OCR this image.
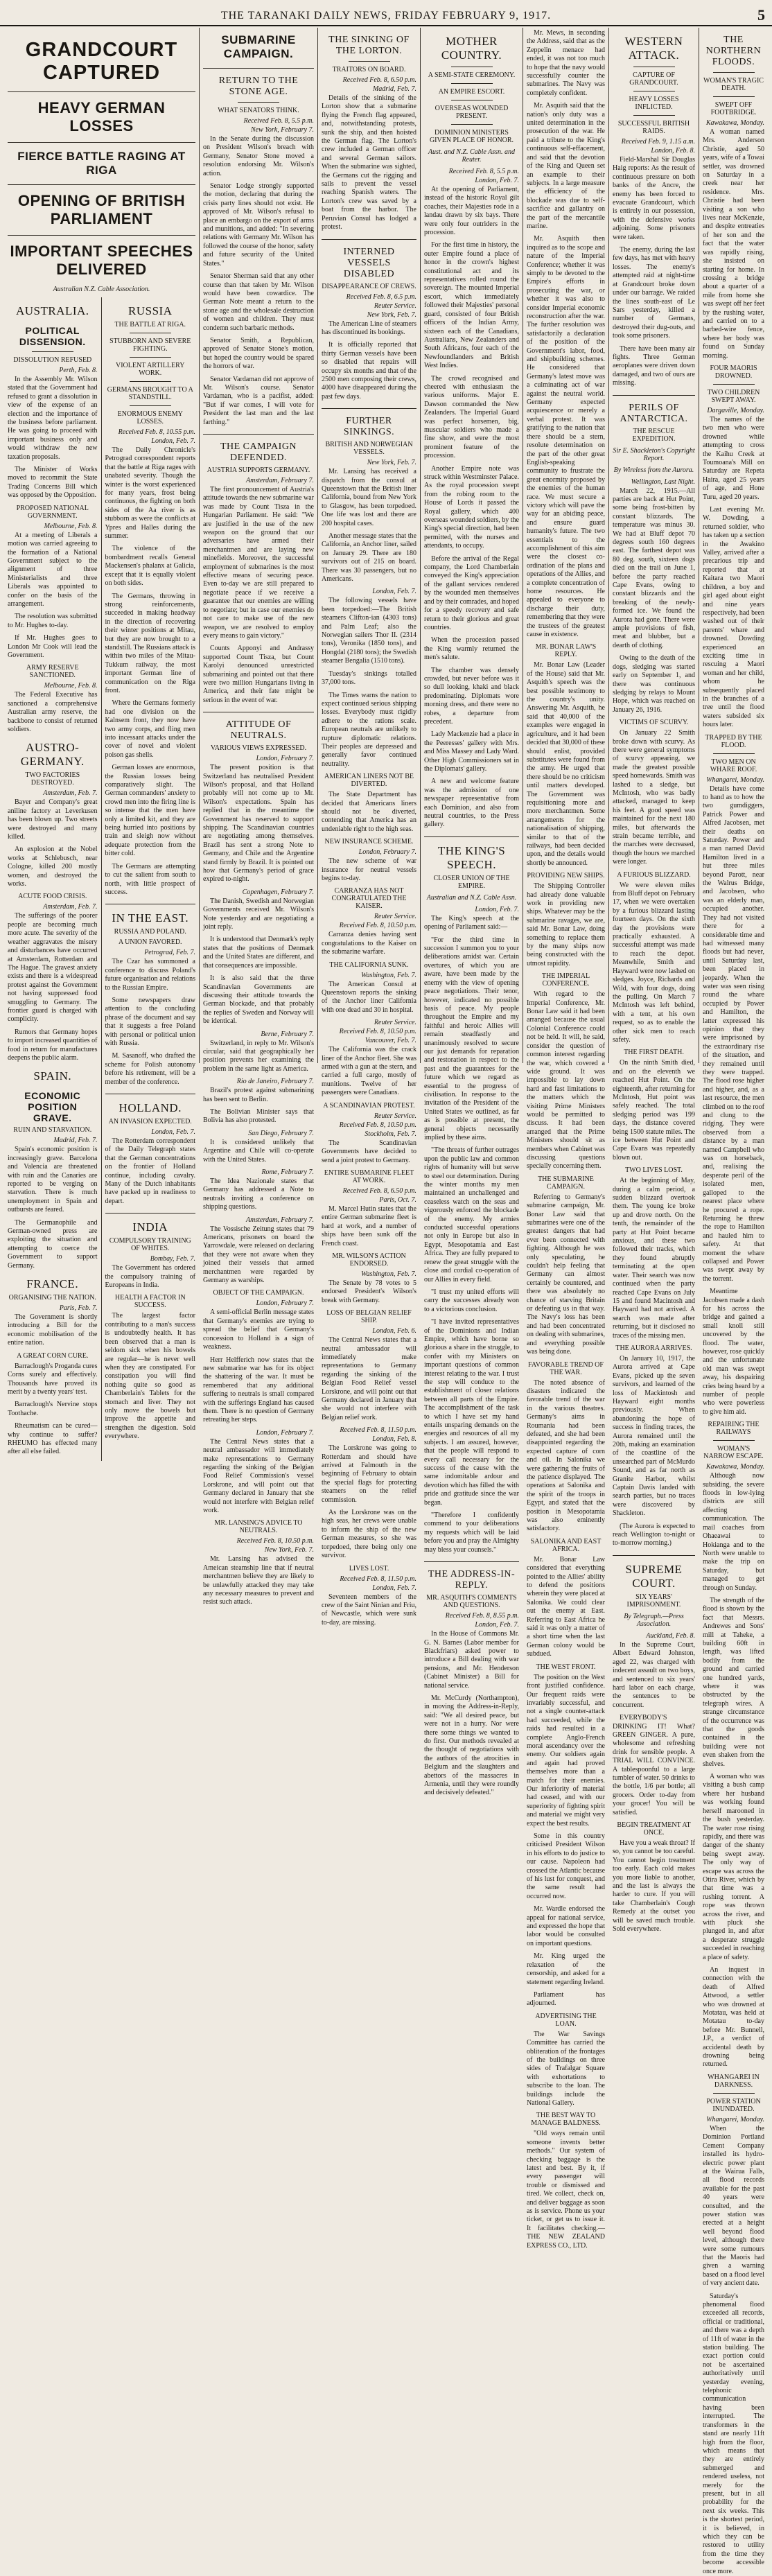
THE TARANAKI DAILY NEWS, FRIDAY FEBRUARY 9, 1917.	5
GRANDCOURT CAPTURED
HEAVY GERMAN LOSSES
FIERCE BATTLE RAGING AT RIGA
OPENING OF BRITISH PARLIAMENT
IMPORTANT SPEECHES DELIVERED
Australian N.Z. Cable Association.
AUSTRALIA.
POLITICAL DISSENSION.
DISSOLUTION REFUSED
Perth, Feb. 8.

In the Assembly Mr. Wilson stated that the Government had refused to grant a dissolution in view of the expense of an election and the importance of the business before parliament. He was going to proceed with important business only and would withdraw the new taxation proposals.

The Minister of Works moved to recommit the State Trading Concerns Bill which was opposed by the Opposition.

PROPOSED NATIONAL GOVERNMENT.
Melbourne, Feb. 8.

At a meeting of Liberals a motion was carried agreeing to the formation of a National Government subject to the alignment of three Ministerialists and three Liberals was appointed to confer on the basis of the arrangement.

The resolution was submitted to Mr. Hughes to-day.

If Mr. Hughes goes to London Mr Cook will lead the Government.

ARMY RESERVE SANCTIONED.
Melbourne, Feb. 8.

The Federal Executive has sanctioned a comprehensive Australian army reserve, the backbone to consist of returned soldiers.

AUSTRO-GERMANY.
TWO FACTORIES DESTROYED.
Amsterdam, Feb. 7.

Bayer and Company's great aniline factory at Leverkusen has been blown up. Two streets were destroyed and many killed.

An explosion at the Nobel works at Schlebusch, near Cologne, killed 200 mostly women, and destroyed the works.

ACUTE FOOD CRISIS.
Amsterdam, Feb. 7.

The sufferings of the poorer people are becoming much more acute. The severity of the weather aggravates the misery and disturbances have occurred at Amsterdam, Rotterdam and The Hague. The gravest anxiety exists and there is a widespread protest against the Government not having suppressed food smuggling to Germany. The frontier guard is charged with complicity.

Rumors that Germany hopes to import increased quantities of food in return for manufactures deepens the public alarm.

SPAIN.
ECONOMIC POSITION GRAVE.
RUIN AND STARVATION.
Madrid, Feb. 7.

Spain's economic position is increasingly grave. Barcelona and Valencia are threatened with ruin and the Canaries are reported to be verging on starvation. There is much unemployment in Spain and outbursts are feared.

The Germanophile and German-owned press are exploiting the situation and attempting to coerce the Government to support Germany.

FRANCE.
ORGANISING THE NATION.
Paris, Feb. 7.

The Government is shortly introducing a Bill for the economic mobilisation of the entire nation.

A GREAT CORN CURE.

Barraclough's Proganda cures Corns surely and effectively. Thousands have proved its merit by a twenty years' test.

Barraclough's Nervine stops Toothache.

Rheumatism can be cured—why continue to suffer? RHEUMO has effected many after all else failed.

RUSSIA
THE BATTLE AT RIGA.
STUBBORN AND SEVERE FIGHTING.
VIOLENT ARTILLERY WORK.
GERMANS BROUGHT TO A STANDSTILL.
ENORMOUS ENEMY LOSSES.
Received Feb. 8, 10.55 p.m.
London, Feb. 7.

The Daily Chronicle's Petrograd correspondent reports that the battle at Riga rages with unabated severity. Though the winter is the worst experienced for many years, frost being continuous, the fighting on both sides of the Aa river is as stubborn as were the conflicts at Ypres and Halles during the summer.

The violence of the bombardment recalls General Mackensen's phalanx at Galicia, except that it is equally violent on both sides.

The Germans, throwing in strong reinforcements, succeeded in making headway in the direction of recovering their winter positions at Mitau, but they are now brought to a standstill. The Russians attack is within two miles of the Mitau-Tukkum railway, the most important German line of communication on the Riga front.

Where the Germans formerly had one division on the Kalnsem front, they now have two army corps, and fling men into incessant attacks under the cover of novel and violent poison gas shells.

German losses are enormous, the Russian losses being comparatively slight. The German commanders' anxiety to crowd men into the firing line is so intense that the men have only a limited kit, and they are being hurried into positions by train and sleigh now without adequate protection from the bitter cold.

The Germans are attempting to cut the salient from south to north, with little prospect of success.

IN THE EAST.
RUSSIA AND POLAND.
A UNION FAVORED.
Petrograd, Feb. 7.

The Czar has summoned a conference to discuss Poland's future organisation and relations to the Russian Empire.

Some newspapers draw attention to the concluding phrase of the document and say that it suggests a free Poland with personal or political union with Russia.

M. Sasanoff, who drafted the scheme for Polish autonomy before his retirement, will be a member of the conference.

HOLLAND.
AN INVASION EXPECTED.
London, Feb. 7.

The Rotterdam correspondent of the Daily Telegraph states that the German concentrations on the frontier of Holland continue, including cavalry. Many of the Dutch inhabitants have packed up in readiness to depart.

INDIA
COMPULSORY TRAINING OF WHITES.
Bombay, Feb. 7.

The Government has ordered the compulsory training of Europeans in India.

HEALTH A FACTOR IN SUCCESS.

The largest factor contributing to a man's success is undoubtedly health. It has been observed that a man is seldom sick when his bowels are regular—he is never well when they are constipated. For constipation you will find nothing quite so good as Chamberlain's Tablets for the stomach and liver. They not only move the bowels but improve the appetite and strengthen the digestion. Sold everywhere.

SUBMARINE CAMPAIGN.
RETURN TO THE STONE AGE.
WHAT SENATORS THINK.
Received Feb. 8, 5.5 p.m.
New York, February 7.

In the Senate during the discussion on President Wilson's breach with Germany, Senator Stone moved a resolution endorsing Mr. Wilson's action.

Senator Lodge strongly supported the motion, declaring that during the crisis party lines should not exist. He approved of Mr. Wilson's refusal to place an embargo on the export of arms and munitions, and added: "In severing relations with Germany Mr. Wilson has followed the course of the honor, safety and future security of the United States."

Senator Sherman said that any other course than that taken by Mr. Wilson would have been cowardice. The German Note meant a return to the stone age and the wholesale destruction of women and children. They must condemn such barbaric methods.

Senator Smith, a Republican, approved of Senator Stone's motion, but hoped the country would be spared the horrors of war.

Senator Vardaman did not approve of Mr. Wilson's course. Senator Vardaman, who is a pacifist, added: "But if war comes, I will vote for President the last man and the last farthing."

THE CAMPAIGN DEFENDED.
AUSTRIA SUPPORTS GERMANY.
Amsterdam, February 7.

The first pronouncement of Austria's attitude towards the new submarine war was made by Count Tisza in the Hungarian Parliament. He said: "We are justified in the use of the new weapon on the ground that our adversaries have armed their merchantmen and are laying new minefields. Moreover, the successful employment of submarines is the most effective means of securing peace. Even to-day we are still prepared to negotiate peace if we receive a guarantee that our enemies are willing to negotiate; but in case our enemies do not care to make use of the new weapon, we are resolved to employ every means to gain victory."

Counts Apponyi and Andrassy supported Count Tisza, but Count Karolyi denounced unrestricted submarining and pointed out that there were two million Hungarians living in America, and their fate might be serious in the event of war.

ATTITUDE OF NEUTRALS.
VARIOUS VIEWS EXPRESSED.
London, February 7.

The present position is that Switzerland has neutralised President Wilson's proposal, and that Holland probably will not come up to Mr. Wilson's expectations. Spain has replied that in the meantime the Government has reserved to support shipping. The Scandinavian countries are negotiating among themselves. Brazil has sent a strong Note to Germany, and Chile and the Argentine stand firmly by Brazil. It is pointed out how that Germany's period of grace expired to-night.

Copenhagen, February 7.

The Danish, Swedish and Norwegian Governments received Mr. Wilson's Note yesterday and are negotiating a joint reply.

It is understood that Denmark's reply states that the positions of Denmark and the United States are different, and that consequences are impossible.

It is also said that the three Scandinavian Governments are discussing their attitude towards the German blockade, and that probably the replies of Sweden and Norway will be identical.

Berne, February 7.

Switzerland, in reply to Mr. Wilson's circular, said that geographically her position prevents her examining the problem in the same light as America.

Rio de Janeiro, February 7.

Brazil's protest against submarining has been sent to Berlin.

The Bolivian Minister says that Bolivia has also protested.

San Diego, February 7.

It is considered unlikely that Argentine and Chile will co-operate with the United States.

Rome, February 7.

The Idea Nazionale states that Germany has addressed a Note to neutrals inviting a conference on shipping questions.

Amsterdam, February 7.

The Vossische Zeitung states that 79 Americans, prisoners on board the Yarrowdale, were released on declaring that they were not aware when they joined their vessels that armed merchantmen were regarded by Germany as warships.

OBJECT OF THE CAMPAIGN.
London, February 7.

A semi-official Berlin message states that Germany's enemies are trying to spread the belief that Germany's concession to Holland is a sign of weakness.

Herr Helfferich now states that the new submarine war has for its object the shattering of the war. It must be remembered that any additional suffering to neutrals is small compared with the sufferings England has caused them. There is no question of Germany retreating her steps.

London, February 7.

The Central News states that a neutral ambassador will immediately make representations to Germany regarding the sinking of the Belgian Food Relief Commission's vessel Lorskrone, and will point out that Germany declared in January that she would not interfere with Belgian relief work.

MR. LANSING'S ADVICE TO NEUTRALS.
Received Feb. 8, 10.50 p.m.
New York, Feb. 7.

Mr. Lansing has advised the Ameican steamship line that if neutral merchantmen believe they are likely to be unlawfully attacked they may take any necessary measures to prevent and resist such attack.

THE SINKING OF THE LORTON.
TRAITORS ON BOARD.
Received Feb. 8, 6.50 p.m.
Madrid, Feb. 7.

Details of the sinking of the Lorton show that a submarine flying the French flag appeared, and, notwithstanding protests, sunk the ship, and then hoisted the German flag. The Lorton's crew included a German officer and several German sailors. When the submarine was sighted, the Germans cut the rigging and sails to prevent the vessel reaching Spanish waters. The Lorton's crew was saved by a boat from the harbor. The Peruvian Consul has lodged a protest.

INTERNED VESSELS DISABLED
DISAPPEARANCE OF CREWS.
Received Feb. 8, 6.5 p.m.
Reuter Service.
New York, Feb. 7.

The American Line of steamers has discontinued its bookings.

It is officially reported that thirty German vessels have been so disabled that repairs will occupy six months and that of the 2500 men composing their crews, 4000 have disappeared during the past few days.

FURTHER SINKINGS.
BRITISH AND NORWEGIAN VESSELS.
New York, Feb. 7.

Mr. Lansing has received a dispatch from the consul at Queenstown that the British liner California, bound from New York to Glasgow, has been torpedoed. One life was lost and there are 200 hospital cases.

Another message states that the California, an Anchor liner, sailed on January 29. There are 180 survivors out of 215 on board. There was 30 passengers, but no Americans.

London, Feb. 7.

The following vessels have been torpedoed:—The British steamers Clifton-ian (4303 tons) and Palm Leaf; also the Norwegian sailers Thor II. (2314 tons), Veronika (1850 tons), and Hongdal (2180 tons); the Swedish steamer Bengalia (1510 tons).

Tuesday's sinkings totalled 37,000 tons.

The Times warns the nation to expect continued serious shipping losses. Everybody must rigidly adhere to the rations scale. European neutrals are unlikely to rupture diplomatic relations. Their peoples are depressed and generally favor continued neutrality.

AMERICAN LINERS NOT BE DIVERTED.

The State Department has decided that Americans liners should not be diverted, contending that America has an undeniable right to the high seas.

NEW INSURANCE SCHEME.
London, February 7.

The new scheme of war insurance for neutral vessels begins to-day.

CARRANZA HAS NOT CONGRATULATED THE KAISER.
Reuter Service.
Received Feb. 8, 10.50 p.m.

Carranza denies having sent congratulations to the Kaiser on the submarine warfare.

THE CALIFORNIA SUNK.
Washington, Feb. 7.

The American Consul at Queenstown reports the sinking of the Anchor liner California with one dead and 30 in hospital.

Reuter Service.
Received Feb. 8, 10.50 p.m.
Vancouver, Feb. 7.

The California was the crack liner of the Anchor fleet. She was armed with a gun at the stern, and carried a full cargo, mostly of munitions. Twelve of her passengers were Canadians.

A SCANDINAVIAN PROTEST.
Reuter Service.
Received Feb. 8, 10.50 p.m.
Stockholm, Feb. 7.

The Scandinavian Governments have decided to send a joint protest to Germany.

ENTIRE SUBMARINE FLEET AT WORK.
Received Feb. 8, 6.50 p.m.
Paris, Oct. 7.

M. Marcel Hutin states that the entire German submarine fleet is hard at work, and a number of ships have been sunk off the French coast.

MR. WILSON'S ACTION ENDORSED.
Washington, Feb. 7.

The Senate by 78 votes to 5 endorsed President's Wilson's break with Germany.

LOSS OF BELGIAN RELIEF SHIP.
London, Feb. 6.

The Central News states that a neutral ambassador will immediately make representations to Germany regarding the sinking of the Belgian Food Relief vessel Lorskrone, and will point out that Germany declared in January that she would not interfere with Belgian relief work.

Received Feb. 8, 11.50 p.m.
London, Feb. 8.

The Lorskrone was going to Rotterdam and should have arrived at Falmouth in the beginning of February to obtain the special flags for protecting steamers on the relief commission.

As the Lorskrone was on the high seas, her crews were unable to inform the ship of the new German measures, so she was torpedoed, there being only one survivor.

LIVES LOST.
Received Feb. 8, 11.50 p.m.
London, Feb. 7.

Seventeen members of the crew of the Saint Ninian and Friu, of Newcastle, which were sunk to-day, are missing.

MOTHER COUNTRY.
A SEMI-STATE CEREMONY.
AN EMPIRE ESCORT.
OVERSEAS WOUNDED PRESENT.
DOMINION MINISTERS GIVEN PLACE OF HONOR.
Aust. and N.Z. Cable Assn. and Reuter.
Received Feb. 8, 5.5 p.m.
London, Feb. 7.

At the opening of Parliament, instead of the historic Royal gilt coaches, their Majesties rode in a landau drawn by six bays. There were only four outriders in the procession.

For the first time in history, the outer Empire found a place of honor in the crown's highest constitutional act and its representatives rolled round the sovereign. The mounted Imperial escort, which immediately followed their Majesties' personal guard, consisted of four British officers of the Indian Army, sixteen each of the Canadians, Australians, New Zealanders and South Africans, four each of the Newfoundlanders and British West Indies.

The crowd recognised and cheered with enthusiasm the various uniforms. Major E. Dawson commanded the New Zealanders. The Imperial Guard was perfect horsemen, big, muscular soldiers who made a fine show, and were the most prominent feature of the procession.

Another Empire note was struck within Westminster Palace. As the royal procession swept from the robing room to the House of Lords it passed the Royal gallery, which 400 overseas wounded soldiers, by the King's special direction, had been permitted, with the nurses and attendants, to occupy.

Before the arrival of the Regal company, the Lord Chamberlain conveyed the King's appreciation of the gallant services rendered by the wounded men themselves and by their comrades, and hoped for a speedy recovery and safe return to their glorious and great countries.

When the procession passed the King warmly returned the men's salute.

The chamber was densely crowded, but never before was it so dull looking, khaki and black predominating. Diplomats wore morning dress, and there were no robes, a departure from precedent.

Lady Mackenzie had a place in the Peeresses' gallery with Mrs. and Miss Massey and Lady Ward. Other High Commissioners sat in the Diplomats' gallery.

A new and welcome feature was the admission of one newspaper representative from each Dominion, and also from neutral countries, to the Press gallery.

THE KING'S SPEECH.
CLOSER UNION OF THE EMPIRE.
Australian and N.Z. Cable Assn.
London, Feb. 7.

The King's speech at the opening of Parliament said:—

"For the third time in succession I summon you to your deliberations amidst war. Certain overtures, of which you are aware, have been made by the enemy with the view of opening peace negotiations. Their tenor, however, indicated no possible basis of peace. My people throughout the Empire and my faithful and heroic Allies will remain steadfastly and unanimously resolved to secure our just demands for reparation and restoration in respect to the past and the guarantees for the future which we regard as essential to the progress of civilisation. In response to the invitation of the President of the United States we outlined, as far as is possible at present, the general objects necessarily implied by these aims.

"The threats of further outrages upon the public law and common rights of humanity will but serve to steel our determination. During the winter months my men maintained an unchallenged and ceaseless watch on the seas and vigorously enforced the blockade of the enemy. My armies conducted successful operations not only in Europe but also in Egypt, Mesopotamia and East Africa. They are fully prepared to renew the great struggle with the close and cordial co-operation of our Allies in every field.

"I trust my united efforts will carry the successes already won to a victorious conclusion.

"I have invited representatives of the Dominions and Indian Empire, which have borne so glorious a share in the struggle, to confer with my Ministers on important questions of common interest relating to the war. I trust the step will conduce to the establishment of closer relations between all parts of the Empire. The accomplishment of the task to which I have set my hand entails unsparing demands on the energies and resources of all my subjects. I am assured, however, that the people will respond to every call necessary for the success of the cause with the same indomitable ardour and devotion which has filled the with pride and gratitude since the war began.

"Therefore I confidently commend to your deliberations my requests which will be laid before you and pray the Almighty may bless your counsels."

THE ADDRESS-IN-REPLY.
MR. ASQUITH'S COMMENTS AND QUESTIONS.
Received Feb. 8, 8.55 p.m.
London, Feb. 7.

In the House of Commons Mr. G. N. Barnes (Labor member for Blackfriars) asked power to introduce a Bill dealing with war pensions, and Mr. Henderson (Cabinet Minister) a Bill for national service.

Mr. McCurdy (Northampton), in moving the Address-in-Reply, said: "We all desired peace, but were not in a hurry. Nor were there some things we wanted to do first. Our methods revealed at the thought of negotiations with the authors of the atrocities in Belgium and the slaughters and abettors of the massacres in Armenia, until they were roundly and decisively defeated."

Mr. Mews, in seconding the Address, said that as the Zeppelin menace had ended, it was not too much to hope that the navy would successfully counter the submarines. The Navy was completely confident.

Mr. Asquith said that the nation's only duty was a united determination in the prosecution of the war. He paid a tribute to the King's continuous self-effacement, and said that the devotion of the King and Queen set an example to their subjects. In a large measure the efficiency of the blockade was due to self-sacrifice and gallantry on the part of the mercantile marine.

Mr. Asquith then inquired as to the scope and nature of the Imperial Conference; whether it was simply to be devoted to the Empire's efforts in prosecuting the war, or whether it was also to consider Imperial economic reconstruction after the war. The further resolution was satisfactorily a declaration of the position of the Government's labor, food, and shipbuilding schemes. He considered that Germany's latest move was a culminating act of war against the neutral world. Germany expected acquiescence or merely a verbal protest. It was gratifying to the nation that there should be a stern, resolute determination on the part of the other great English-speaking community to frustrate the great enormity proposed by the enemies of the human race. We must secure a victory which will pave the way for an abiding peace, and ensure guard humanity's future. The two essentials to the accomplishment of this aim were the closest co-ordination of the plans and operations of the Allies, and a complete concentration of home resources. He appealed to everyone to discharge their duty, remembering that they were the trustees of the greatest cause in existence.

MR. BONAR LAW'S REPLY.

Mr. Bonar Law (Leader of the House) said that Mr. Asquith's speech was the best possible testimony to the country's unity. Answering Mr. Asquith, he said that 40,000 of the examples were engaged in agriculture, and it had been decided that 30,000 of these should enlist, provided substitutes were found from the army. He urged that there should be no criticism until matters developed. The Government was requisitioning more and more merchantmen. Some arrangements for the nationalisation of shipping, similar to that of the railways, had been decided upon, and the details would shortly be announced.

PROVIDING NEW SHIPS.

The Shipping Controller had already done valuable work in providing new ships. Whatever may be the submarine ravages, we are, said Mr. Bonar Law, doing something to replace them by the many ships now being constructed with the utmost rapidity.

THE IMPERIAL CONFERENCE.

With regard to the Imperial Conference, Mr. Bonar Law said it had been arranged because the usual Colonial Conference could not be held. It will, he said, consider the question of common interest regarding the war, which covered a wide ground. It was impossible to lay down hard and fast limitations to the matters which the visiting Prime Ministers would be permitted to discuss. It had been arranged that the Prime Ministers should sit as members when Cabinet was discussing questions specially concerning them.

THE SUBMARINE CAMPAIGN.

Referring to Germany's submarine campaign, Mr. Bonar Law said that submarines were one of the greatest dangers that had ever been connected with fighting. Although he was only speculating, he couldn't help feeling that Germany can almost certainly be countered, and there was absolutely no chance of starving Britain or defeating us in that way. The Navy's loss has been and had been concentrated on dealing with submarines, and everything possible was being done.

FAVORABLE TREND OF THE WAR.

The noted absence of disasters indicated the favorable trend of the war in the various theatres. Germany's aims in Roumania had been defeated, and she had been disappointed regarding the expected capture of corn and oil. In Salonika we were gathering the fruits of the patience displayed. The operations at Salonika and the spirit of the troops in Egypt, and stated that the position in Mesopotamia was also eminently satisfactory.

SALONIKA AND EAST AFRICA.

Mr. Bonar Law considered that everything pointed to the Allies' ability to defend the positions wherein they were placed at Salonika. We could clear out the enemy at East. Referring to East Africa he said it was only a matter of a short time when the last German colony would be subdued.

THE WEST FRONT.

The position on the West front justified confidence. Our frequent raids were invariably successful, and not a single counter-attack had succeeded, while the raids had resulted in a complete Anglo-French moral ascendancy over the enemy. Our soldiers again and again had proved themselves more than a match for their enemies. Our inferiority of material had ceased, and with our superiority of fighting spirit and material we might very expect the best results.

Some in this country criticised President Wilson in his efforts to do justice to our cause. Napoleon had crossed the Atlantic because of his lust for conquest, and the same result had occurred now.

Mr. Wardle endorsed the appeal for national service, and expressed the hope that labor would be consulted on important questions.

Mr. King urged the relaxation of the censorship, and asked for a statement regarding Ireland.

Parliament has adjourned.

ADVERTISING THE LOAN.

The War Savings Committee has carried the obliteration of the frontages of the buildings on three sides of Trafalgar Square with exhortations to subscribe to the loan. The buildings include the National Gallery.

THE BEST WAY TO MANAGE BALDNESS.

"Old ways remain until someone invents better methods." Our system of checking baggage is the latest and best. By it, if every passenger will trouble or dismissed and tired. We collect, check on, and deliver baggage as soon as is service. Phone us your ticket, or get us to issue it. It facilitates checking.—THE NEW ZEALAND EXPRESS CO., LTD.

WESTERN ATTACK.
CAPTURE OF GRANDCOURT.
HEAVY LOSSES INFLICTED.
SUCCESSFUL BRITISH RAIDS.
Received Feb. 9, 1.15 a.m.
London, Feb. 8.

Field-Marshal Sir Douglas Haig reports: As the result of continuous pressure on both banks of the Ancre, the enemy has been forced to evacuate Grandcourt, which is entirely in our possession, with the defensive works adjoining. Some prisoners were taken.

The enemy, during the last few days, has met with heavy losses. The enemy's attempted raid at night-time at Grandcourt broke down under our barrage. We raided the lines south-east of Le Sars yesterday, killed a number of Germans, destroyed their dug-outs, and took some prisoners.

There have been many air fights. Three German aeroplanes were driven down damaged, and two of ours are missing.

PERILS OF ANTARCTICA.
THE RESCUE EXPEDITION.
Sir E. Shackleton's Copyright Report.
By Wireless from the Aurora.
Wellington, Last Night.

March 22, 1915.—All parties are back at Hut Point, some being frost-bitten by constant blizzards. The temperature was minus 30. We had at Bluff depot 70 degrees south 160 degrees east. The farthest depot was 80 deg. south, sixteen dogs died on the trail on June 1, before the party reached Cape Evans, owing to constant blizzards and the breaking of the newly-formed ice. We found the Aurora had gone. There were ample provisions of fish, meat and blubber, but a dearth of clothing.

Owing to the death of the dogs, sledging was started early on September 1, and there was continuous sledging by relays to Mount Hope, which was reached on January 26, 1916.

VICTIMS OF SCURVY.

On January 22 Smith broke down with scurvy. As there were general symptoms of scurvy appearing, we made the greatest possible speed homewards. Smith was lashed to a sledge, but McIntosh, who was badly attacked, managed to keep his feet. A good speed was maintained for the next 180 miles, but afterwards the strain became terrible, and the marches were decreased, though the hours we marched were longer.

A FURIOUS BLIZZARD.

We were eleven miles from Bluff depot on February 17, when we were overtaken by a furious blizzard lasting fourteen days. On the sixth day the provisions were practically exhausted. A successful attempt was made to reach the depot. Meanwhile, Smith and Hayward were now lashed on sledges. Joyce, Richards and Wild, with four dogs, doing the pulling. On March 7 McIntosh was left behind, with a tent, at his own request, so as to enable the other sick men to reach safety.

THE FIRST DEATH.

On the ninth Smith died, and on the eleventh we reached Hut Point. On the eighteenth, after returning for McIntosh, Hut point was safely reached. The total sledging period was 199 days, the distance covered being 1500 statute miles. The ice between Hut Point and Cape Evans was repeatedly blown out.

TWO LIVES LOST.

At the beginning of May, during a calm period, a sudden blizzard overtook them. The young ice broke up and drove north. On the tenth, the remainder of the party at Hut Point became anxious, and these two followed their tracks, which they found abruptly terminating at the open water. Their search was now continued when the party reached Cape Evans on July 15 and found Macintosh and Hayward had not arrived. A search was made after returning, but it disclosed no traces of the missing men.

THE AURORA ARRIVES.

On January 10, 1917, the Aurora arrived at Cape Evans, picked up the seven survivors, and learned of the loss of Mackintosh and Hayward eight months previously. When abandoning the hope of success in finding traces, the Aurora remained until the 20th, making an examination of the coastline of the unsearched part of McMurdo Sound, and as far north as Granite Harbor, whilst Captain Davis landed with search parties, but no traces were discovered by Shackleton.

(The Aurora is expected to reach Wellington to-night or to-morrow morning.)

SUPREME COURT.
SIX YEARS' IMPRISONMENT.
By Telegraph.—Press Association.
Auckland, Feb. 8.

In the Supreme Court, Albert Edward Johnston, aged 22, was charged with indecent assault on two boys, and sentenced to six years' hard labor on each charge, the sentences to be concurrent.

EVERYBODY'S DRINKING IT! What? GREEN GINGER. A pure, wholesome and refreshing drink for sensible people. A TRIAL WILL CONVINCE. A tablespoonful to a large tumbler of water. 50 drinks to the bottle, 1/6 per bottle; all grocers. Order to-day from your grocer! You will be satisfied.

BEGIN TREATMENT AT ONCE.

Have you a weak throat? If so, you cannot be too careful. You cannot begin treatment too early. Each cold makes you more liable to another, and the last is always the harder to cure. If you will take Chamberlain's Cough Remedy at the outset you will be saved much trouble. Sold everywhere.

THE NORTHERN FLOODS.
WOMAN'S TRAGIC DEATH.
SWEPT OFF FOOTBRIDGE.
Kawakawa, Monday.

A woman named Mrs. Anderson Christie, aged 50 years, wife of a Towai settler, was drowned on Saturday in a creek near her residence. Mrs. Christie had been visiting a son who lives near McKenzie, and despite entreaties of her son and the fact that the water was rapidly rising, she insisted on starting for home. In crossing a bridge about a quarter of a mile from home she was swept off her feet by the rushing water, and carried on to a barbed-wire fence, where her body was found on Sunday morning.

FOUR MAORIS DROWNED.
TWO CHILDREN SWEPT AWAY.
Dargaville, Monday.

The names of the two men who were drowned while attempting to cross the Kaihu Creek at Toumoana's Mill on Saturday are Repeta Haira, aged 25 years of age, and Hone Turu, aged 20 years.

Last evening Mr. W. Dowding, a returned soldier, who has taken up a section in the Awakino Valley, arrived after a precarious trip and reported that at Kaitara two Maori children, a boy and girl aged about eight and nine years respectively, had been washed out of their parents' whare and drowned. Dowding experienced an exciting time in rescuing a Maori woman and her child, whom he subsequently placed in the branches of a tree until the flood waters subsided six hours later.

TRAPPED BY THE FLOOD.
TWO MEN ON WHARE ROOF.
Whangarei, Monday.

Details have come to hand as to how the two gumdiggers, Patrick Power and Alfred Jacobsen, met their deaths on Saturday. Power and a man named David Hamilton lived in a hut three miles beyond Parott, near the Walrus Bridge, and Jacobsen, who was an elderly man, occupied another. They had not visited there for a considerable time and had witnessed many floods but had never, until Saturday last, been placed in jeopardy. When the water was seen rising round the whare occupied by Power and Hamilton, the latter expressed his opinion that they were imprisoned by the extraordinary rise of the situation, and they remained until they were trapped. The flood rose higher and higher, and, as a last resource, the men climbed on to the roof and clung to the ridging. They were observed from a distance by a man named Campbell who was on horseback, and, realising the desperate peril of the isolated men, galloped to the nearest place where he procured a rope. Returning he threw the rope to Hamilton and hauled him to safety. At that moment the whare collapsed and Power was swept away by the torrent.

Meantime Jacobsen made a dash for his across the bridge and gained a small knoll still uncovered by the flood. The water, however, rose quickly and the unfortunate old man was swept away, his despairing cries being heard by a number of people who were powerless to give him aid.

REPAIRING THE RAILWAYS
WOMAN'S NARROW ESCAPE.
Kawakawa, Monday.

Although now subsiding, the severe floods in low-lying districts are still affecting communication. The mail coaches from Ohaeawai to Hokianga and to the North were unable to make the trip on Saturday, but managed to get through on Sunday.

The strength of the flood is shown by the fact that Messrs. Andrewes and Sons' mill at Taheke, a building 60ft in length, was lifted bodily from the ground and carried one hundred yards, where it was obstructed by the telegraph wires. A strange circumstance of the occurrence was that the goods contained in the building were not even shaken from the shelves.

A woman who was visiting a bush camp where her husband was working found herself marooned in the bush yesterday. The water rose rising rapidly, and there was danger of the shanty being swept away. The only way of escape was across the Otira River, which by that time was a rushing torrent. A rope was thrown across the river, and with pluck she plunged in, and after a desperate struggle succeeded in reaching a place of safety.

An inquest in connection with the death of Alfred Attwood, a settler who was drowned at Motatau, was held at Motatau to-day before Mr. Bunnell, J.P., a verdict of accidental death by drowning being returned.

WHANGAREI IN DARKNESS.
POWER STATION INUNDATED.
Whangarei, Monday.

When the Dominion Portland Cement Company installed its hydro-electric power plant at the Wairua Falls, all flood records available for the past 40 years were consulted, and the power station was erected at a height well beyond flood level, although there were some rumours that the Maoris had given a warning based on a flood level of very ancient date.

Saturday's phenomenal flood exceeded all records, official or traditional, and there was a depth of 11ft of water in the station building. The exact portion could not be ascertained authoritatively until yesterday evening, telephonic communication having been interrupted. The transformers in the stand are nearly 11ft high from the floor, which means that they are entirely submerged and rendered useless, not merely for the present, but in all probability for the next six weeks. This is the shortest period, it is believed, in which they can be restored to utility from the time they become accessible once more.
